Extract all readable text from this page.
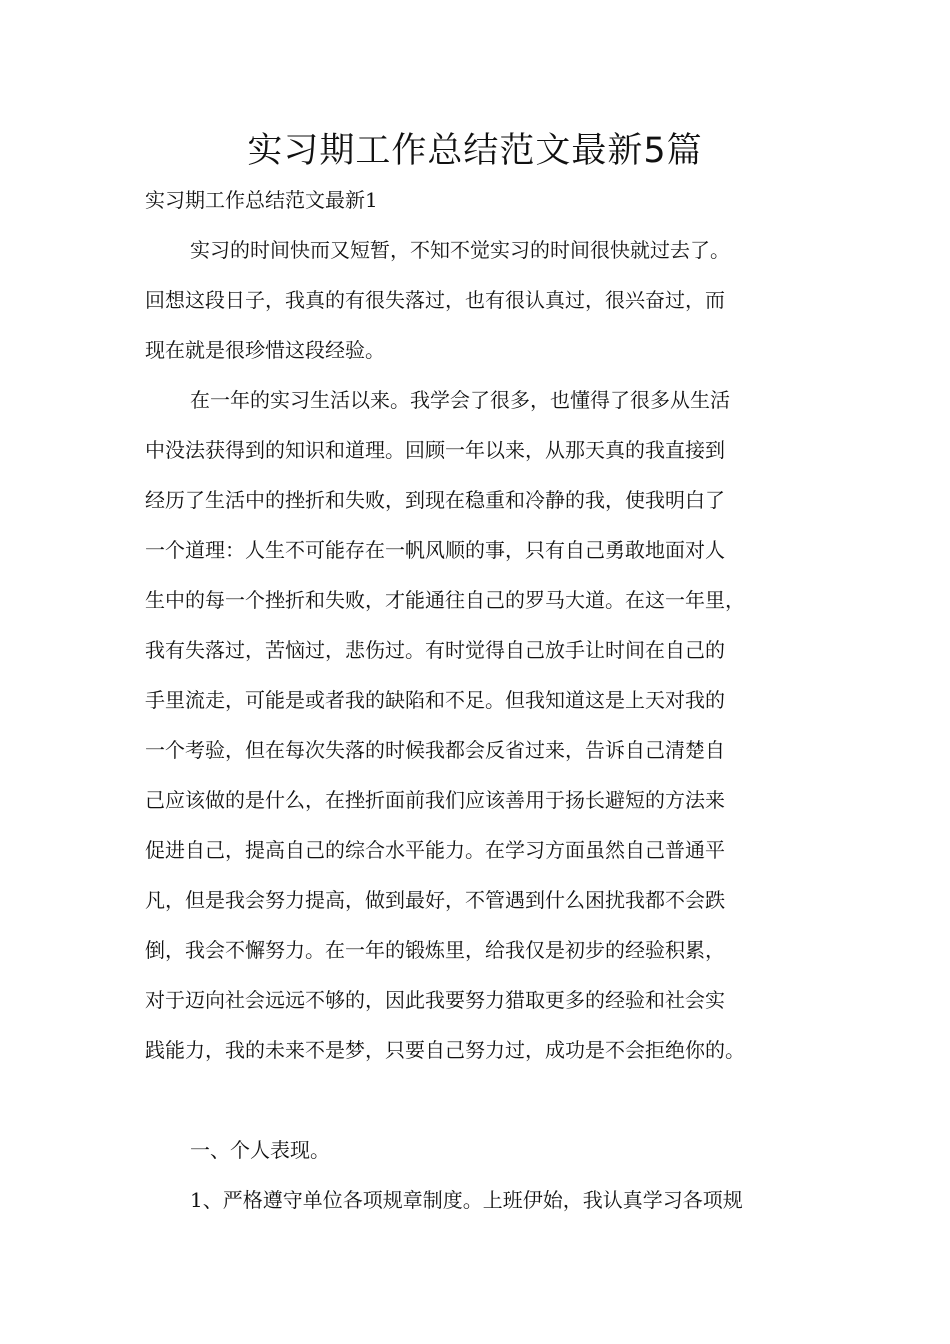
实习期工作总结范文最新5篇
实习期工作总结范文最新1
实习的时间快而又短暂，不知不觉实习的时间很快就过去了。
回想这段日子，我真的有很失落过，也有很认真过，很兴奋过，而
现在就是很珍惜这段经验。
在一年的实习生活以来。我学会了很多，也懂得了很多从生活
中没法获得到的知识和道理。回顾一年以来，从那天真的我直接到
经历了生活中的挫折和失败，到现在稳重和冷静的我，使我明白了
一个道理：人生不可能存在一帆风顺的事，只有自己勇敢地面对人
生中的每一个挫折和失败，才能通往自己的罗马大道。在这一年里，
我有失落过，苦恼过，悲伤过。有时觉得自己放手让时间在自己的
手里流走，可能是或者我的缺陷和不足。但我知道这是上天对我的
一个考验，但在每次失落的时候我都会反省过来，告诉自己清楚自
己应该做的是什么，在挫折面前我们应该善用于扬长避短的方法来
促进自己，提高自己的综合水平能力。在学习方面虽然自己普通平
凡，但是我会努力提高，做到最好，不管遇到什么困扰我都不会跌
倒，我会不懈努力。在一年的锻炼里，给我仅是初步的经验积累，
对于迈向社会远远不够的，因此我要努力猎取更多的经验和社会实
践能力，我的未来不是梦，只要自己努力过，成功是不会拒绝你的。
一、个人表现。
1、严格遵守单位各项规章制度。上班伊始，我认真学习各项规
